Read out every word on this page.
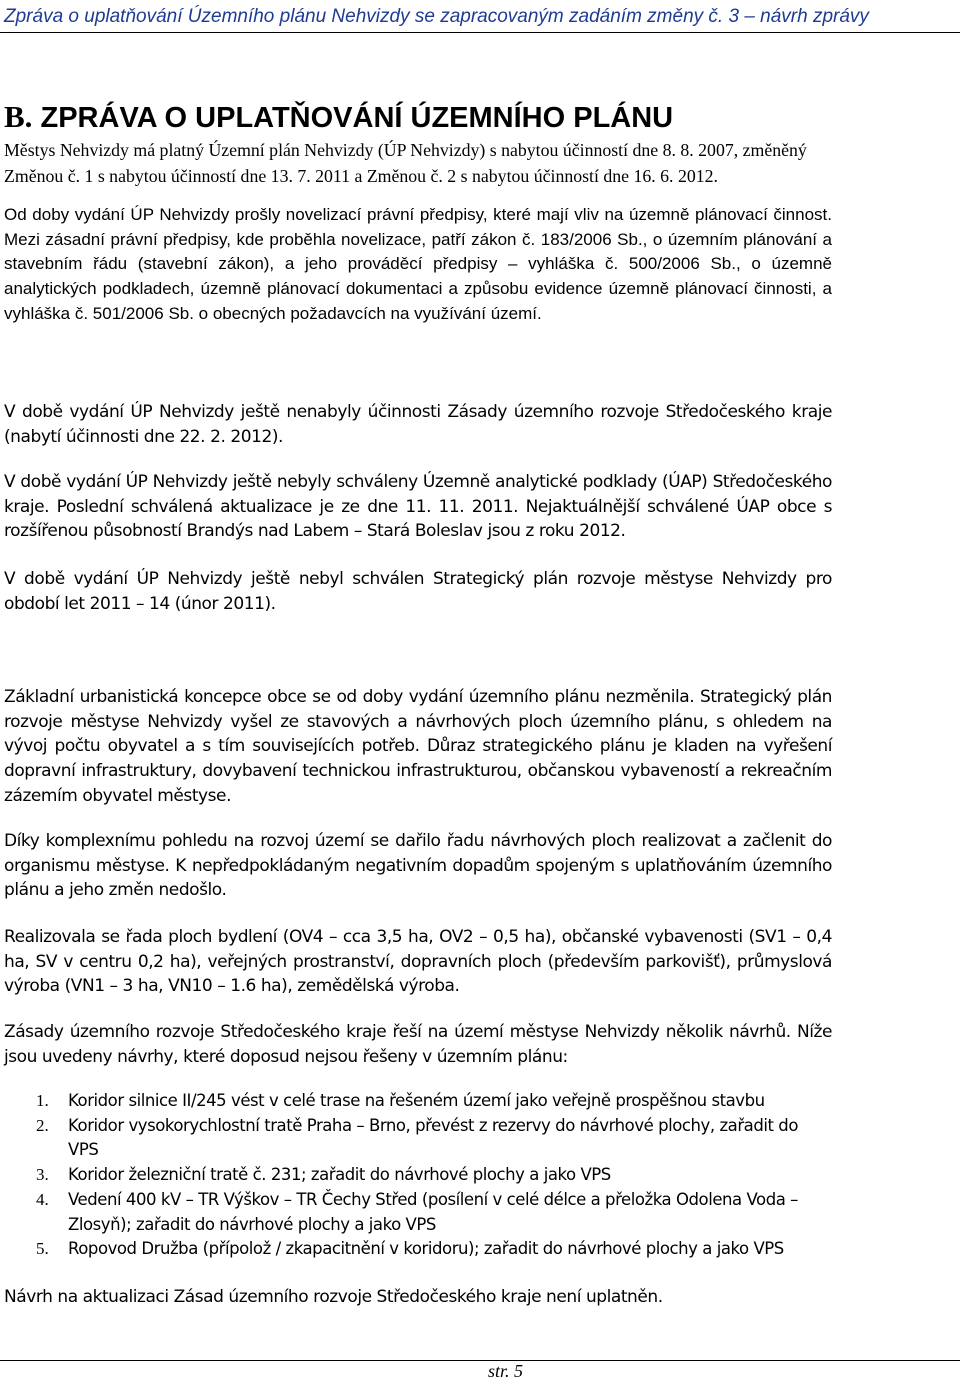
Zpráva o uplatňování Územního plánu Nehvizdy se zapracovaným zadáním změny č. 3 – návrh zprávy
B. ZPRÁVA O UPLATŇOVÁNÍ ÚZEMNÍHO PLÁNU

Městys Nehvizdy má platný Územní plán Nehvizdy (ÚP Nehvizdy) s nabytou účinností dne 8. 8. 2007, změněný Změnou č. 1 s nabytou účinností dne 13. 7. 2011 a Změnou č. 2 s nabytou účinností dne 16. 6. 2012.

Od doby vydání ÚP Nehvizdy prošly novelizací právní předpisy, které mají vliv na územně plánovací činnost. Mezi zásadní právní předpisy, kde proběhla novelizace, patří zákon č. 183/2006 Sb., o územním plánování a stavebním řádu (stavební zákon), a jeho prováděcí předpisy – vyhláška č. 500/2006 Sb., o územně analytických podkladech, územně plánovací dokumentaci a způsobu evidence územně plánovací činnosti, a vyhláška č. 501/2006 Sb. o obecných požadavcích na využívání území.

V době vydání ÚP Nehvizdy ještě nenabyly účinnosti Zásady územního rozvoje Středočeského kraje (nabytí účinnosti dne 22. 2. 2012).

V době vydání ÚP Nehvizdy ještě nebyly schváleny Územně analytické podklady (ÚAP) Středočeského kraje. Poslední schválená aktualizace je ze dne 11. 11. 2011. Nejaktuálnější schválené ÚAP obce s rozšířenou působností Brandýs nad Labem – Stará Boleslav jsou z roku 2012.

V době vydání ÚP Nehvizdy ještě nebyl schválen Strategický plán rozvoje městyse Nehvizdy pro období let 2011 – 14 (únor 2011).

Základní urbanistická koncepce obce se od doby vydání územního plánu nezměnila. Strategický plán rozvoje městyse Nehvizdy vyšel ze stavových a návrhových ploch územního plánu, s ohledem na vývoj počtu obyvatel a s tím souvisejících potřeb. Důraz strategického plánu je kladen na vyřešení dopravní infrastruktury, dovybavení technickou infrastrukturou, občanskou vybaveností a rekreačním zázemím obyvatel městyse.

Díky komplexnímu pohledu na rozvoj území se dařilo řadu návrhových ploch realizovat a začlenit do organismu městyse. K nepředpokládaným negativním dopadům spojeným s uplatňováním územního plánu a jeho změn nedošlo.

Realizovala se řada ploch bydlení (OV4 – cca 3,5 ha, OV2 – 0,5 ha), občanské vybavenosti (SV1 – 0,4 ha, SV v centru 0,2 ha), veřejných prostranství, dopravních ploch (především parkovišť), průmyslová výroba (VN1 – 3 ha, VN10 – 1.6 ha), zemědělská výroba.

Zásady územního rozvoje Středočeského kraje řeší na území městyse Nehvizdy několik návrhů. Níže jsou uvedeny návrhy, které doposud nejsou řešeny v územním plánu:

1. Koridor silnice II/245 vést v celé trase na řešeném území jako veřejně prospěšnou stavbu
2. Koridor vysokorychlostní tratě Praha – Brno, převést z rezervy do návrhové plochy, zařadit do VPS
3. Koridor železniční tratě č. 231; zařadit do návrhové plochy a jako VPS
4. Vedení 400 kV – TR Výškov – TR Čechy Střed (posílení v celé délce a přeložka Odolena Voda – Zlosyň); zařadit do návrhové plochy a jako VPS
5. Ropovod Družba (přípolož / zkapacitnění v koridoru); zařadit do návrhové plochy a jako VPS

Návrh na aktualizaci Zásad územního rozvoje Středočeského kraje není uplatněn.

str. 5
